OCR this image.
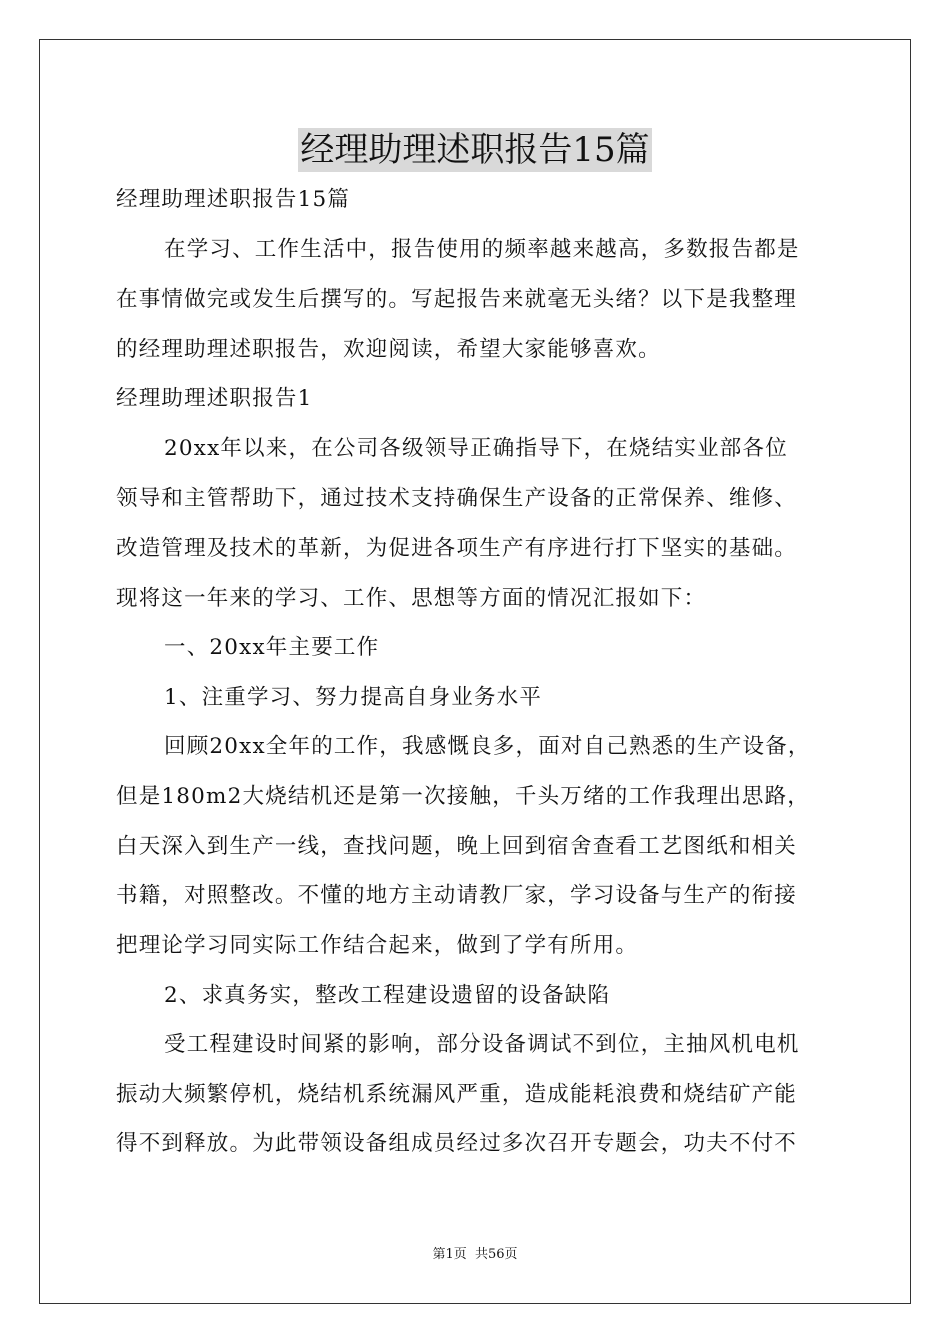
经理助理述职报告15篇
经理助理述职报告15篇
在学习、工作生活中，报告使用的频率越来越高，多数报告都是
在事情做完或发生后撰写的。写起报告来就毫无头绪？以下是我整理
的经理助理述职报告，欢迎阅读，希望大家能够喜欢。
经理助理述职报告1
20xx年以来，在公司各级领导正确指导下，在烧结实业部各位
领导和主管帮助下，通过技术支持确保生产设备的正常保养、维修、
改造管理及技术的革新，为促进各项生产有序进行打下坚实的基础。
现将这一年来的学习、工作、思想等方面的情况汇报如下：
一、20xx年主要工作
1、注重学习、努力提高自身业务水平
回顾20xx全年的工作，我感慨良多，面对自己熟悉的生产设备，
但是180m2大烧结机还是第一次接触，千头万绪的工作我理出思路，
白天深入到生产一线，查找问题，晚上回到宿舍查看工艺图纸和相关
书籍，对照整改。不懂的地方主动请教厂家，学习设备与生产的衔接
把理论学习同实际工作结合起来，做到了学有所用。
2、求真务实，整改工程建设遗留的设备缺陷
受工程建设时间紧的影响，部分设备调试不到位，主抽风机电机
振动大频繁停机，烧结机系统漏风严重，造成能耗浪费和烧结矿产能
得不到释放。为此带领设备组成员经过多次召开专题会，功夫不付不
第1页 共56页
